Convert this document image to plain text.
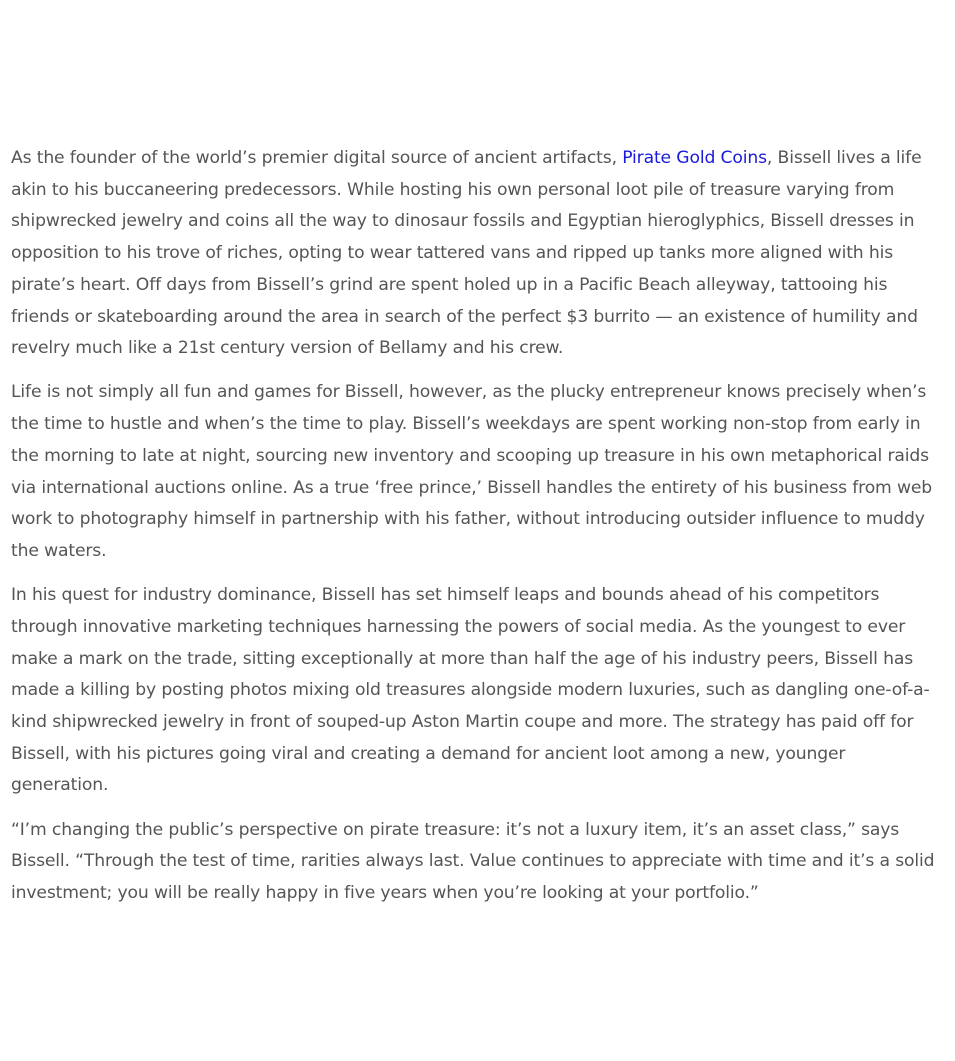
As the founder of the world’s premier digital source of ancient artifacts, Pirate Gold Coins, Bissell lives a life akin to his buccaneering predecessors. While hosting his own personal loot pile of treasure varying from shipwrecked jewelry and coins all the way to dinosaur fossils and Egyptian hieroglyphics, Bissell dresses in opposition to his trove of riches, opting to wear tattered vans and ripped up tanks more aligned with his pirate’s heart. Off days from Bissell’s grind are spent holed up in a Pacific Beach alleyway, tattooing his friends or skateboarding around the area in search of the perfect $3 burrito — an existence of humility and revelry much like a 21st century version of Bellamy and his crew.

Life is not simply all fun and games for Bissell, however, as the plucky entrepreneur knows precisely when’s the time to hustle and when’s the time to play. Bissell’s weekdays are spent working non-stop from early in the morning to late at night, sourcing new inventory and scooping up treasure in his own metaphorical raids via international auctions online. As a true ‘free prince,’ Bissell handles the entirety of his business from web work to photography himself in partnership with his father, without introducing outsider influence to muddy the waters.

In his quest for industry dominance, Bissell has set himself leaps and bounds ahead of his competitors through innovative marketing techniques harnessing the powers of social media. As the youngest to ever make a mark on the trade, sitting exceptionally at more than half the age of his industry peers, Bissell has made a killing by posting photos mixing old treasures alongside modern luxuries, such as dangling one-of-a-kind shipwrecked jewelry in front of souped-up Aston Martin coupe and more. The strategy has paid off for Bissell, with his pictures going viral and creating a demand for ancient loot among a new, younger generation.

“I’m changing the public’s perspective on pirate treasure: it’s not a luxury item, it’s an asset class,” says Bissell. “Through the test of time, rarities always last. Value continues to appreciate with time and it’s a solid investment; you will be really happy in five years when you’re looking at your portfolio.”
